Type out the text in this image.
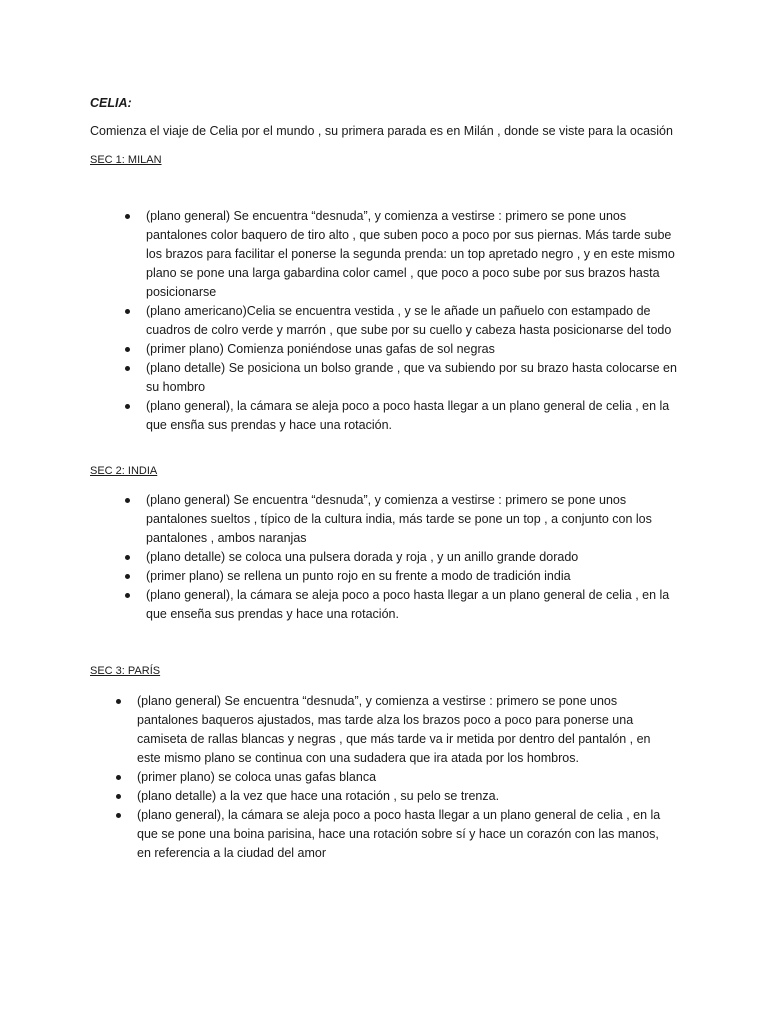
CELIA:
Comienza el viaje de Celia por el mundo , su primera parada es en Milán , donde se viste para la ocasión
SEC 1: MILAN
(plano general) Se encuentra “desnuda”, y comienza a vestirse : primero se pone unos pantalones color baquero de tiro alto , que suben poco a poco por sus piernas. Más tarde sube los brazos para facilitar el ponerse la segunda prenda: un top apretado negro , y en este mismo plano se pone una larga gabardina color camel , que poco a poco sube por sus brazos hasta posicionarse
(plano americano)Celia se encuentra vestida , y se le añade un pañuelo con estampado de cuadros de colro verde y marrón , que sube por su cuello y cabeza hasta posicionarse del todo
(primer plano) Comienza poniéndose unas gafas de sol negras
(plano detalle) Se posiciona un bolso grande , que va subiendo por su brazo hasta colocarse en su hombro
(plano general), la cámara se aleja poco a poco hasta llegar a un plano general de celia , en la que ensña sus prendas y hace una rotación.
SEC 2: INDIA
(plano general) Se encuentra “desnuda”, y comienza a vestirse : primero se pone unos pantalones sueltos , típico de la cultura india, más tarde se pone un top , a conjunto con los pantalones , ambos naranjas
(plano detalle) se coloca una pulsera dorada y roja , y un anillo grande dorado
(primer plano) se rellena un punto rojo en su frente a modo de tradición india
(plano general), la cámara se aleja poco a poco hasta llegar a un plano general de celia , en la que enseña sus prendas y hace una rotación.
SEC 3: PARÍS
(plano general) Se encuentra “desnuda”, y comienza a vestirse : primero se pone unos pantalones baqueros ajustados, mas tarde alza los brazos poco a poco para ponerse una camiseta de rallas blancas y negras , que más tarde va ir metida por dentro del pantalón , en este mismo plano se continua con una sudadera que ira atada por los hombros.
(primer plano) se coloca unas gafas blanca
(plano detalle) a la vez que hace una rotación , su pelo se trenza.
(plano general), la cámara se aleja poco a poco hasta llegar a un plano general de celia , en la que se pone una boina parisina, hace una rotación sobre sí y hace un corazón con las manos, en referencia a la ciudad del amor
